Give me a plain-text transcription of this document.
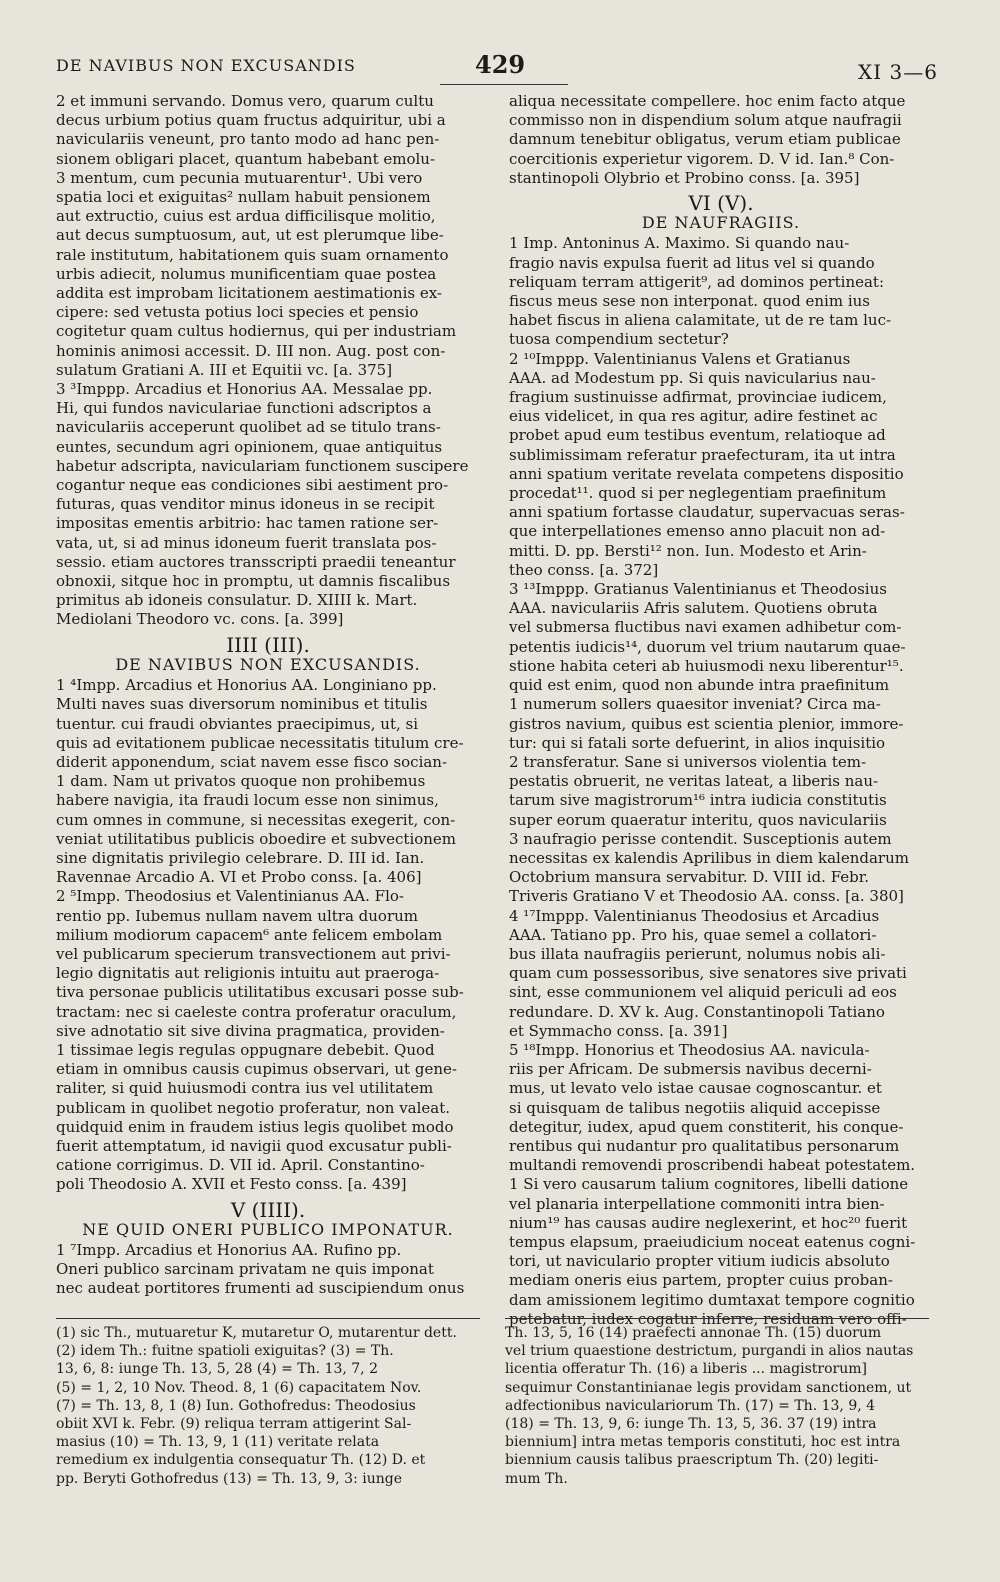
DE NAVIBUS NON EXCUSANDIS	429	XI 3—6

2 et immuni servando. Domus vero, quarum cultu

decus urbium potius quam fructus adquiritur, ubi a

naviculariis veneunt, pro tanto modo ad hanc pen-

sionem obligari placet, quantum habebant emolu-

3 mentum, cum pecunia mutuarentur¹. Ubi vero

spatia loci et exiguitas² nullam habuit pensionem

aut extructio, cuius est ardua difficilisque molitio,

aut decus sumptuosum, aut, ut est plerumque libe-

rale institutum, habitationem quis suam ornamento

urbis adiecit, nolumus munificentiam quae postea

addita est improbam licitationem aestimationis ex-

cipere: sed vetusta potius loci species et pensio

cogitetur quam cultus hodiernus, qui per industriam

hominis animosi accessit. D. III non. Aug. post con-

sulatum Gratiani A. III et Equitii vc. [a. 375]

3 ³Imppp. Arcadius et Honorius AA. Messalae pp.

Hi, qui fundos naviculariae functioni adscriptos a

naviculariis acceperunt quolibet ad se titulo trans-

euntes, secundum agri opinionem, quae antiquitus

habetur adscripta, naviculariam functionem suscipere

cogantur neque eas condiciones sibi aestiment pro-

futuras, quas venditor minus idoneus in se recipit

impositas ementis arbitrio: hac tamen ratione ser-

vata, ut, si ad minus idoneum fuerit translata pos-

sessio. etiam auctores transscripti praedii teneantur

obnoxii, sitque hoc in promptu, ut damnis fiscalibus

primitus ab idoneis consulatur. D. XIIII k. Mart.

Mediolani Theodoro vc. cons. [a. 399]

IIII (III).
DE NAVIBUS NON EXCUSANDIS.

1 ⁴Impp. Arcadius et Honorius AA. Longiniano pp.

Multi naves suas diversorum nominibus et titulis

tuentur. cui fraudi obviantes praecipimus, ut, si

quis ad evitationem publicae necessitatis titulum cre-

diderit apponendum, sciat navem esse fisco socian-

1 dam. Nam ut privatos quoque non prohibemus

habere navigia, ita fraudi locum esse non sinimus,

cum omnes in commune, si necessitas exegerit, con-

veniat utilitatibus publicis oboedire et subvectionem

sine dignitatis privilegio celebrare. D. III id. Ian.

Ravennae Arcadio A. VI et Probo conss. [a. 406]

2 ⁵Impp. Theodosius et Valentinianus AA. Flo-

rentio pp. Iubemus nullam navem ultra duorum

milium modiorum capacem⁶ ante felicem embolam

vel publicarum specierum transvectionem aut privi-

legio dignitatis aut religionis intuitu aut praeroga-

tiva personae publicis utilitatibus excusari posse sub-

tractam: nec si caeleste contra proferatur oraculum,

sive adnotatio sit sive divina pragmatica, providen-

1 tissimae legis regulas oppugnare debebit. Quod

etiam in omnibus causis cupimus observari, ut gene-

raliter, si quid huiusmodi contra ius vel utilitatem

publicam in quolibet negotio proferatur, non valeat.

quidquid enim in fraudem istius legis quolibet modo

fuerit attemptatum, id navigii quod excusatur publi-

catione corrigimus. D. VII id. April. Constantino-

poli Theodosio A. XVII et Festo conss. [a. 439]

V (IIII).
NE QUID ONERI PUBLICO IMPONATUR.

1 ⁷Impp. Arcadius et Honorius AA. Rufino pp.

Oneri publico sarcinam privatam ne quis imponat

nec audeat portitores frumenti ad suscipiendum onus

aliqua necessitate compellere. hoc enim facto atque

commisso non in dispendium solum atque naufragii

damnum tenebitur obligatus, verum etiam publicae

coercitionis experietur vigorem. D. V id. Ian.⁸ Con-

stantinopoli Olybrio et Probino conss. [a. 395]

VI (V).
DE NAUFRAGIIS.

1 Imp. Antoninus A. Maximo. Si quando nau-

fragio navis expulsa fuerit ad litus vel si quando

reliquam terram attigerit⁹, ad dominos pertineat:

fiscus meus sese non interponat. quod enim ius

habet fiscus in aliena calamitate, ut de re tam luc-

tuosa compendium sectetur?

2 ¹⁰Imppp. Valentinianus Valens et Gratianus

AAA. ad Modestum pp. Si quis navicularius nau-

fragium sustinuisse adfirmat, provinciae iudicem,

eius videlicet, in qua res agitur, adire festinet ac

probet apud eum testibus eventum, relatioque ad

sublimissimam referatur praefecturam, ita ut intra

anni spatium veritate revelata competens dispositio

procedat¹¹. quod si per neglegentiam praefinitum

anni spatium fortasse claudatur, supervacuas seras-

que interpellationes emenso anno placuit non ad-

mitti. D. pp. Bersti¹² non. Iun. Modesto et Arin-

theo conss. [a. 372]

3 ¹³Imppp. Gratianus Valentinianus et Theodosius

AAA. naviculariis Afris salutem. Quotiens obruta

vel submersa fluctibus navi examen adhibetur com-

petentis iudicis¹⁴, duorum vel trium nautarum quae-

stione habita ceteri ab huiusmodi nexu liberentur¹⁵.

quid est enim, quod non abunde intra praefinitum

1 numerum sollers quaesitor inveniat? Circa ma-

gistros navium, quibus est scientia plenior, immore-

tur: qui si fatali sorte defuerint, in alios inquisitio

2 transferatur. Sane si universos violentia tem-

pestatis obruerit, ne veritas lateat, a liberis nau-

tarum sive magistrorum¹⁶ intra iudicia constitutis

super eorum quaeratur interitu, quos naviculariis

3 naufragio perisse contendit. Susceptionis autem

necessitas ex kalendis Aprilibus in diem kalendarum

Octobrium mansura servabitur. D. VIII id. Febr.

Triveris Gratiano V et Theodosio AA. conss. [a. 380]

4 ¹⁷Imppp. Valentinianus Theodosius et Arcadius

AAA. Tatiano pp. Pro his, quae semel a collatori-

bus illata naufragiis perierunt, nolumus nobis ali-

quam cum possessoribus, sive senatores sive privati

sint, esse communionem vel aliquid periculi ad eos

redundare. D. XV k. Aug. Constantinopoli Tatiano

et Symmacho conss. [a. 391]

5 ¹⁸Impp. Honorius et Theodosius AA. navicula-

riis per Africam. De submersis navibus decerni-

mus, ut levato velo istae causae cognoscantur. et

si quisquam de talibus negotiis aliquid accepisse

detegitur, iudex, apud quem constiterit, his conque-

rentibus qui nudantur pro qualitatibus personarum

multandi removendi proscribendi habeat potestatem.

1 Si vero causarum talium cognitores, libelli datione

vel planaria interpellatione commoniti intra bien-

nium¹⁹ has causas audire neglexerint, et hoc²⁰ fuerit

tempus elapsum, praeiudicium noceat eatenus cogni-

tori, ut naviculario propter vitium iudicis absoluto

mediam oneris eius partem, propter cuius proban-

dam amissionem legitimo dumtaxat tempore cognitio

petebatur, iudex cogatur inferre, residuam vero offi-

(1) sic Th., mutuaretur K, mutaretur O, mutarentur dett.

(2) idem Th.: fuitne spatioli exiguitas? (3) = Th.

13, 6, 8: iunge Th. 13, 5, 28 (4) = Th. 13, 7, 2

(5) = 1, 2, 10 Nov. Theod. 8, 1 (6) capacitatem Nov.

(7) = Th. 13, 8, 1 (8) Iun. Gothofredus: Theodosius

obiit XVI k. Febr. (9) reliqua terram attigerint Sal-

masius (10) = Th. 13, 9, 1 (11) veritate relata

remedium ex indulgentia consequatur Th. (12) D. et

pp. Beryti Gothofredus (13) = Th. 13, 9, 3: iunge

Th. 13, 5, 16 (14) praefecti annonae Th. (15) duorum

vel trium quaestione destrictum, purgandi in alios nautas

licentia offeratur Th. (16) a liberis ... magistrorum]

sequimur Constantinianae legis providam sanctionem, ut

adfectionibus naviculariorum Th. (17) = Th. 13, 9, 4

(18) = Th. 13, 9, 6: iunge Th. 13, 5, 36. 37 (19) intra

biennium] intra metas temporis constituti, hoc est intra

biennium causis talibus praescriptum Th. (20) legiti-

mum Th.
